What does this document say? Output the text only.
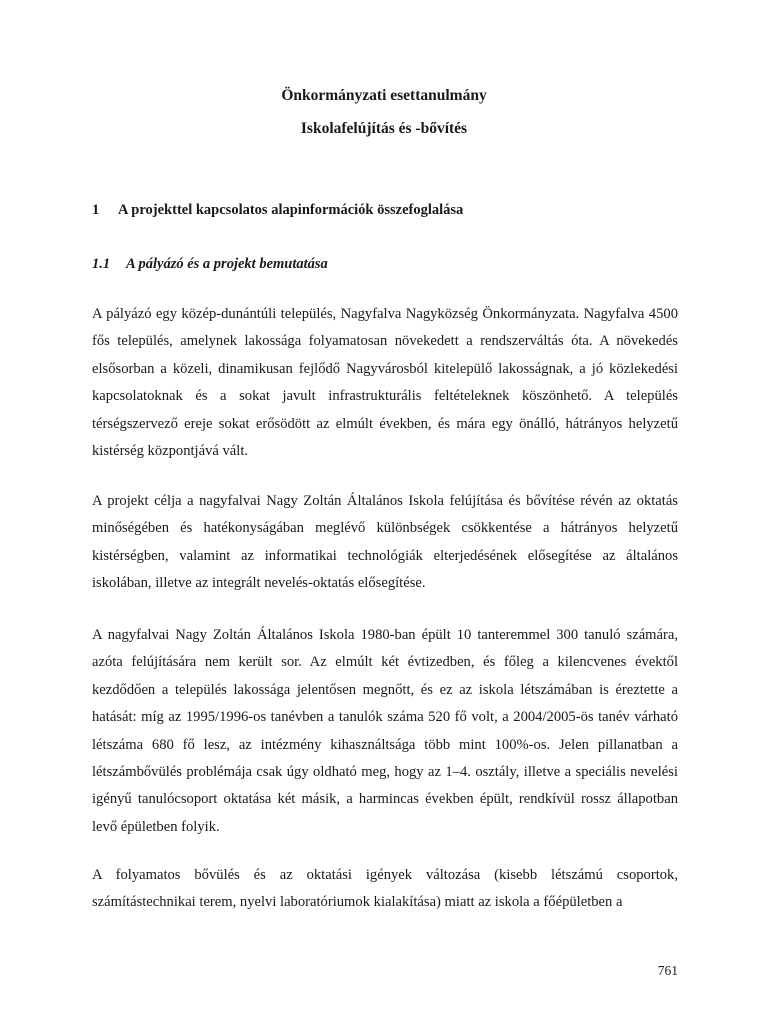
Önkormányzati esettanulmány
Iskolafelújítás és -bővítés
1 A projekttel kapcsolatos alapinformációk összefoglalása
1.1 A pályázó és a projekt bemutatása

A pályázó egy közép-dunántúli település, Nagyfalva Nagyközség Önkormányzata. Nagyfalva 4500 fős település, amelynek lakossága folyamatosan növekedett a rendszerváltás óta. A növekedés elsősorban a közeli, dinamikusan fejlődő Nagyvárosból kitelepülő lakosságnak, a jó közlekedési kapcsolatoknak és a sokat javult infrastrukturális feltételeknek köszönhető. A település térségszervező ereje sokat erősödött az elmúlt években, és mára egy önálló, hátrányos helyzetű kistérség központjává vált.

A projekt célja a nagyfalvai Nagy Zoltán Általános Iskola felújítása és bővítése révén az oktatás minőségében és hatékonyságában meglévő különbségek csökkentése a hátrányos helyzetű kistérségben, valamint az informatikai technológiák elterjedésének elősegítése az általános iskolában, illetve az integrált nevelés-oktatás elősegítése.

A nagyfalvai Nagy Zoltán Általános Iskola 1980-ban épült 10 tanteremmel 300 tanuló számára, azóta felújítására nem került sor. Az elmúlt két évtizedben, és főleg a kilencvenes évektől kezdődően a település lakossága jelentősen megnőtt, és ez az iskola létszámában is éreztette a hatását: míg az 1995/1996-os tanévben a tanulók száma 520 fő volt, a 2004/2005-ös tanév várható létszáma 680 fő lesz, az intézmény kihasználtsága több mint 100%-os. Jelen pillanatban a létszámbővülés problémája csak úgy oldható meg, hogy az 1–4. osztály, illetve a speciális nevelési igényű tanulócsoport oktatása két másik, a harmincas években épült, rendkívül rossz állapotban levő épületben folyik.

A folyamatos bővülés és az oktatási igények változása (kisebb létszámú csoportok, számítástechnikai terem, nyelvi laboratóriumok kialakítása) miatt az iskola a főépületben a

761
